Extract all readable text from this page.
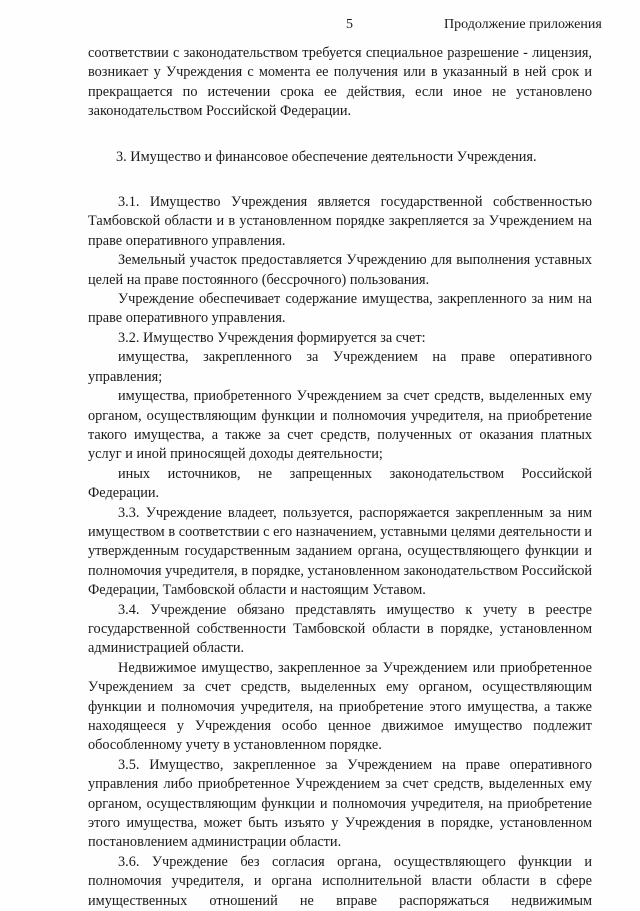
5	Продолжение приложения

соответствии с законодательством требуется специальное разрешение - лицензия, возникает у Учреждения с момента ее получения или в указанный в ней срок и прекращается по истечении срока ее действия, если иное не установлено законодательством Российской Федерации.

3. Имущество и финансовое обеспечение деятельности Учреждения.

3.1. Имущество Учреждения является государственной собственностью Тамбовской области и в установленном порядке закрепляется за Учреждением на праве оперативного управления.

Земельный участок предоставляется Учреждению для выполнения уставных целей на праве постоянного (бессрочного) пользования.

Учреждение обеспечивает содержание имущества, закрепленного за ним на праве оперативного управления.

3.2. Имущество Учреждения формируется за счет:

имущества, закрепленного за Учреждением на праве оперативного управления;

имущества, приобретенного Учреждением за счет средств, выделенных ему органом, осуществляющим функции и полномочия учредителя, на приобретение такого имущества, а также за счет средств, полученных от оказания платных услуг и иной приносящей доходы деятельности;

иных источников, не запрещенных законодательством Российской Федерации.

3.3. Учреждение владеет, пользуется, распоряжается закрепленным за ним имуществом в соответствии с его назначением, уставными целями деятельности и утвержденным государственным заданием органа, осуществляющего функции и полномочия учредителя, в порядке, установленном законодательством Российской Федерации, Тамбовской области и настоящим Уставом.

3.4. Учреждение обязано представлять имущество к учету в реестре государственной собственности Тамбовской области в порядке, установленном администрацией области.

Недвижимое имущество, закрепленное за Учреждением или приобретенное Учреждением за счет средств, выделенных ему органом, осуществляющим функции и полномочия учредителя, на приобретение этого имущества, а также находящееся у Учреждения особо ценное движимое имущество подлежит обособленному учету в установленном порядке.

3.5. Имущество, закрепленное за Учреждением на праве оперативного управления либо приобретенное Учреждением за счет средств, выделенных ему органом, осуществляющим функции и полномочия учредителя, на приобретение этого имущества, может быть изъято у Учреждения в порядке, установленном постановлением администрации области.

3.6. Учреждение без согласия органа, осуществляющего функции и полномочия учредителя, и органа исполнительной власти области в сфере имущественных отношений не вправе распоряжаться недвижимым
